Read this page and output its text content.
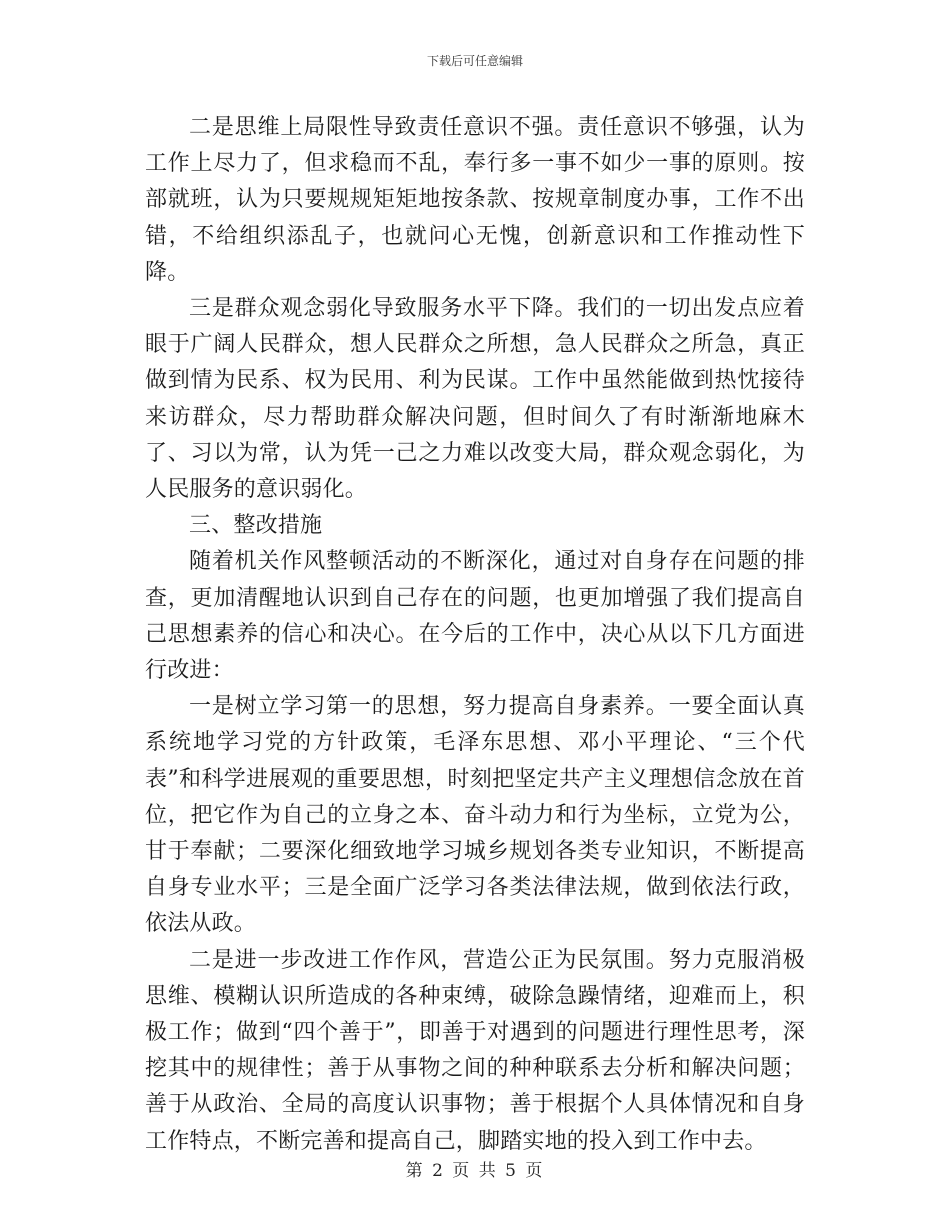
下载后可任意编辑

二是思维上局限性导致责任意识不强。责任意识不够强，认为工作上尽力了，但求稳而不乱，奉行多一事不如少一事的原则。按部就班，认为只要规规矩矩地按条款、按规章制度办事，工作不出错，不给组织添乱子，也就问心无愧，创新意识和工作推动性下降。

三是群众观念弱化导致服务水平下降。我们的一切出发点应着眼于广阔人民群众，想人民群众之所想，急人民群众之所急，真正做到情为民系、权为民用、利为民谋。工作中虽然能做到热忱接待来访群众，尽力帮助群众解决问题，但时间久了有时渐渐地麻木了、习以为常，认为凭一己之力难以改变大局，群众观念弱化，为人民服务的意识弱化。

三、整改措施

随着机关作风整顿活动的不断深化，通过对自身存在问题的排查，更加清醒地认识到自己存在的问题，也更加增强了我们提高自己思想素养的信心和决心。在今后的工作中，决心从以下几方面进行改进：

一是树立学习第一的思想，努力提高自身素养。一要全面认真系统地学习党的方针政策，毛泽东思想、邓小平理论、“三个代表”和科学进展观的重要思想，时刻把坚定共产主义理想信念放在首位，把它作为自己的立身之本、奋斗动力和行为坐标，立党为公，甘于奉献；二要深化细致地学习城乡规划各类专业知识，不断提高自身专业水平；三是全面广泛学习各类法律法规，做到依法行政，依法从政。

二是进一步改进工作作风，营造公正为民氛围。努力克服消极思维、模糊认识所造成的各种束缚，破除急躁情绪，迎难而上，积极工作；做到“四个善于”，即善于对遇到的问题进行理性思考，深挖其中的规律性；善于从事物之间的种种联系去分析和解决问题；善于从政治、全局的高度认识事物；善于根据个人具体情况和自身工作特点，不断完善和提高自己，脚踏实地的投入到工作中去。

第 2 页 共 5 页
